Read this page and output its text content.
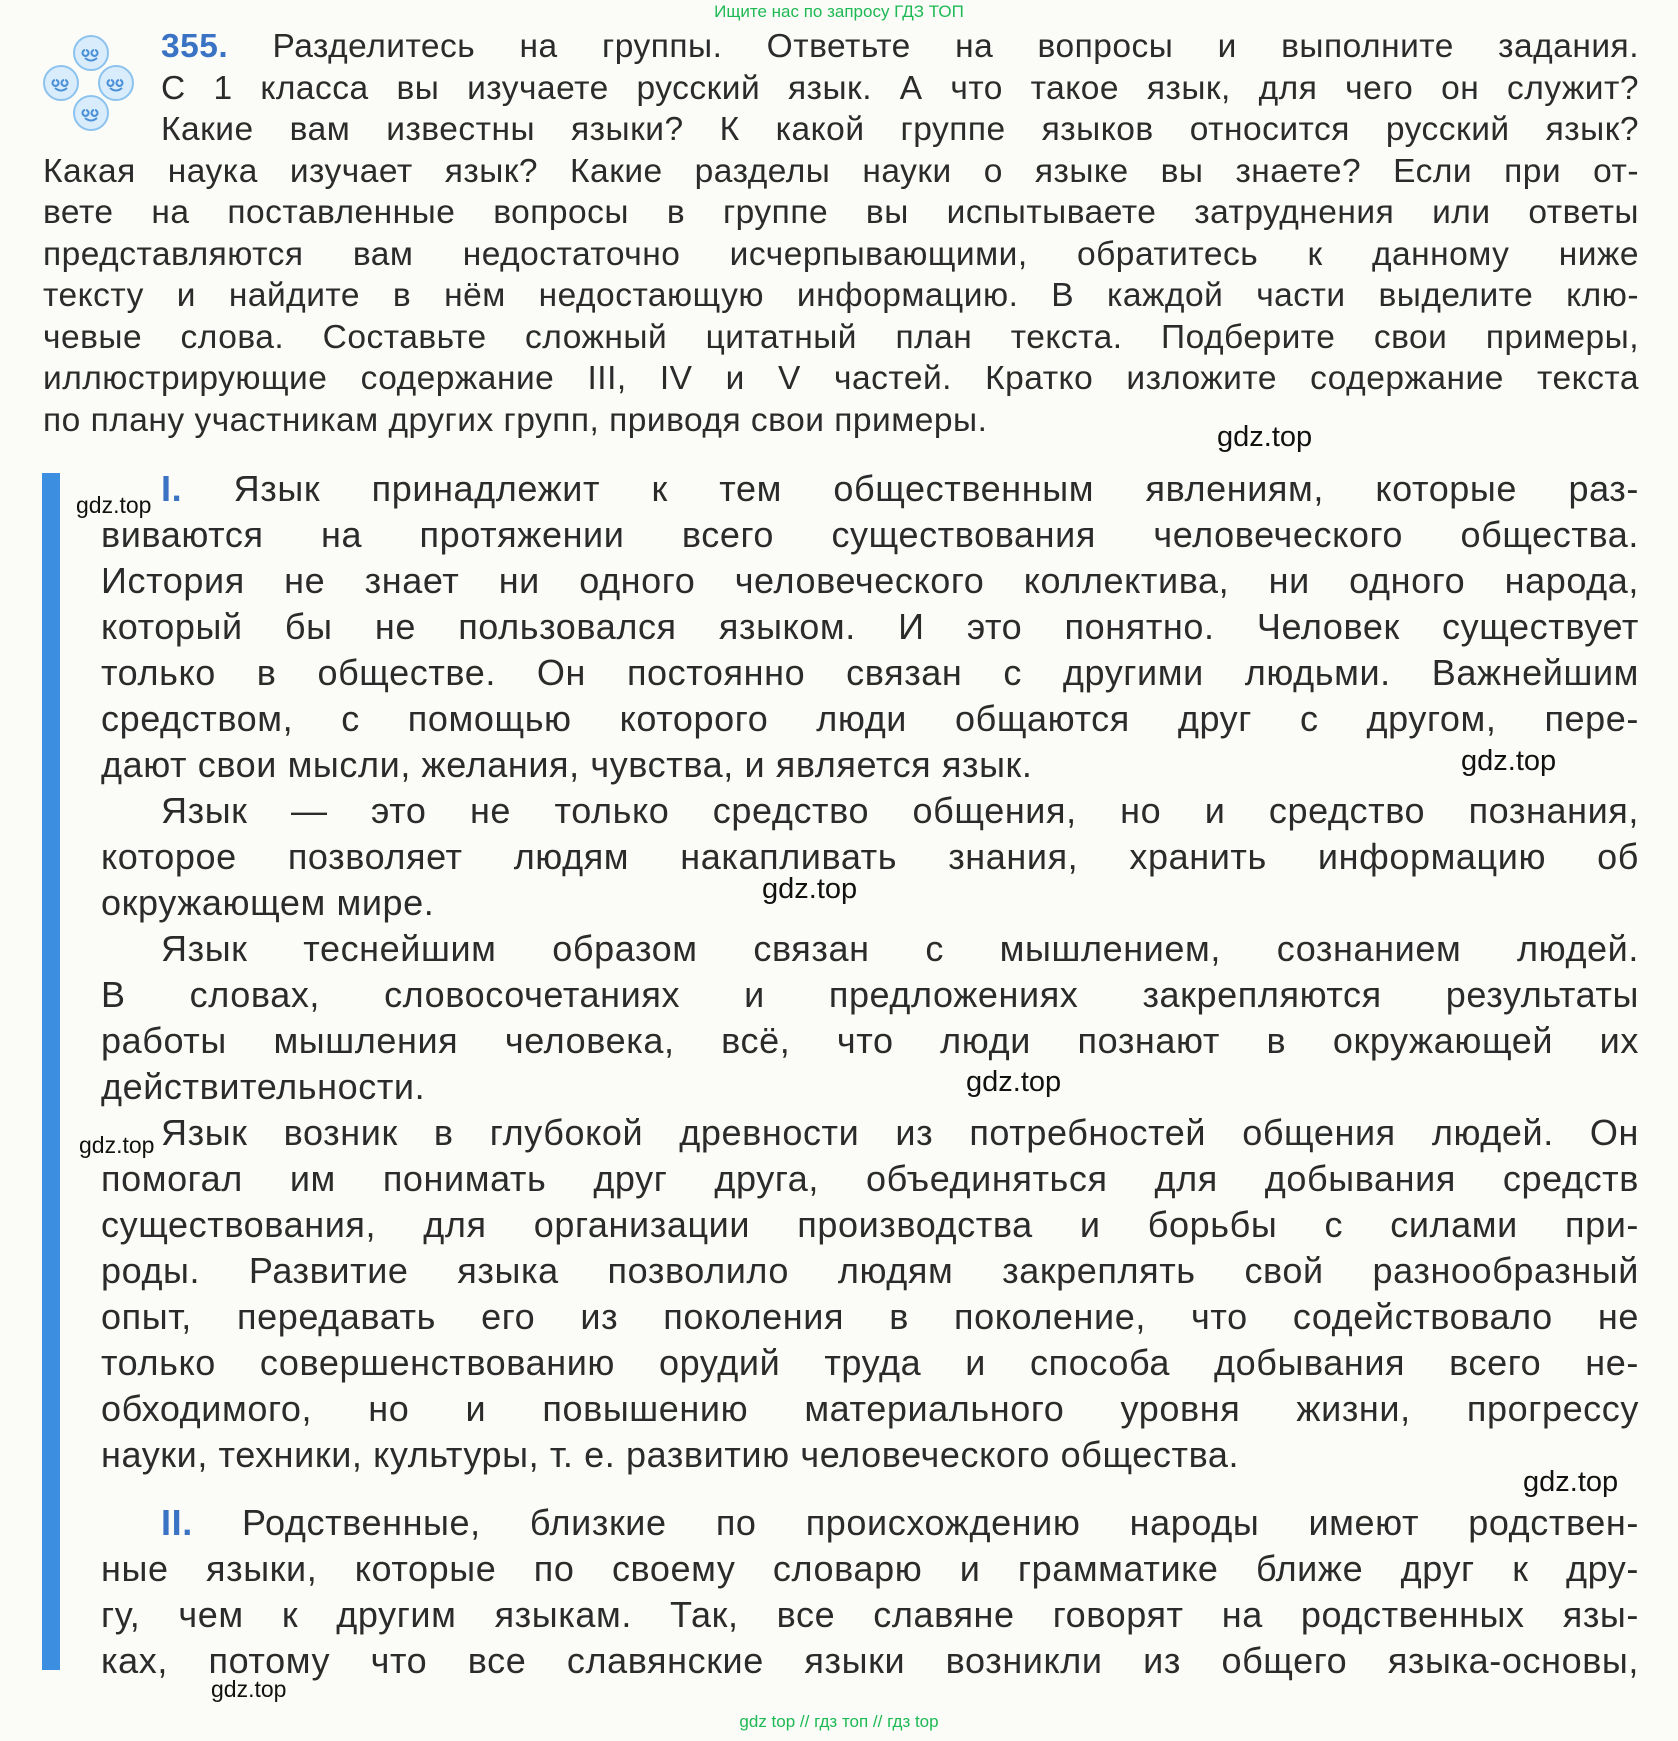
Ищите нас по запросу ГДЗ ТОП
355. Разделитесь на группы. Ответьте на вопросы и выполните задания.
С 1 класса вы изучаете русский язык. А что такое язык, для чего он служит?
Какие вам известны языки? К какой группе языков относится русский язык?
Какая наука изучает язык? Какие разделы науки о языке вы знаете? Если при от-
вете на поставленные вопросы в группе вы испытываете затруднения или ответы
представляются вам недостаточно исчерпывающими, обратитесь к данному ниже
тексту и найдите в нём недостающую информацию. В каждой части выделите клю-
чевые слова. Составьте сложный цитатный план текста. Подберите свои примеры,
иллюстрирующие содержание III, IV и V частей. Кратко изложите содержание текста
по плану участникам других групп, приводя свои примеры.
I. Язык принадлежит к тем общественным явлениям, которые раз-
виваются на протяжении всего существования человеческого общества.
История не знает ни одного человеческого коллектива, ни одного народа,
который бы не пользовался языком. И это понятно. Человек существует
только в обществе. Он постоянно связан с другими людьми. Важнейшим
средством, с помощью которого люди общаются друг с другом, пере-
дают свои мысли, желания, чувства, и является язык.
Язык — это не только средство общения, но и средство познания,
которое позволяет людям накапливать знания, хранить информацию об
окружающем мире.
Язык теснейшим образом связан с мышлением, сознанием людей.
В словах, словосочетаниях и предложениях закрепляются результаты
работы мышления человека, всё, что люди познают в окружающей их
действительности.
Язык возник в глубокой древности из потребностей общения людей. Он
помогал им понимать друг друга, объединяться для добывания средств
существования, для организации производства и борьбы с силами при-
роды. Развитие языка позволило людям закреплять свой разнообразный
опыт, передавать его из поколения в поколение, что содействовало не
только совершенствованию орудий труда и способа добывания всего не-
обходимого, но и повышению материального уровня жизни, прогрессу
науки, техники, культуры, т. е. развитию человеческого общества.
II. Родственные, близкие по происхождению народы имеют родствен-
ные языки, которые по своему словарю и грамматике ближе друг к дру-
гу, чем к другим языкам. Так, все славяне говорят на родственных язы-
ках, потому что все славянские языки возникли из общего языка-основы,
gdz.top
gdz.top
gdz.top
gdz.top
gdz.top
gdz.top
gdz.top
gdz.top
gdz top // гдз топ // гдз top
